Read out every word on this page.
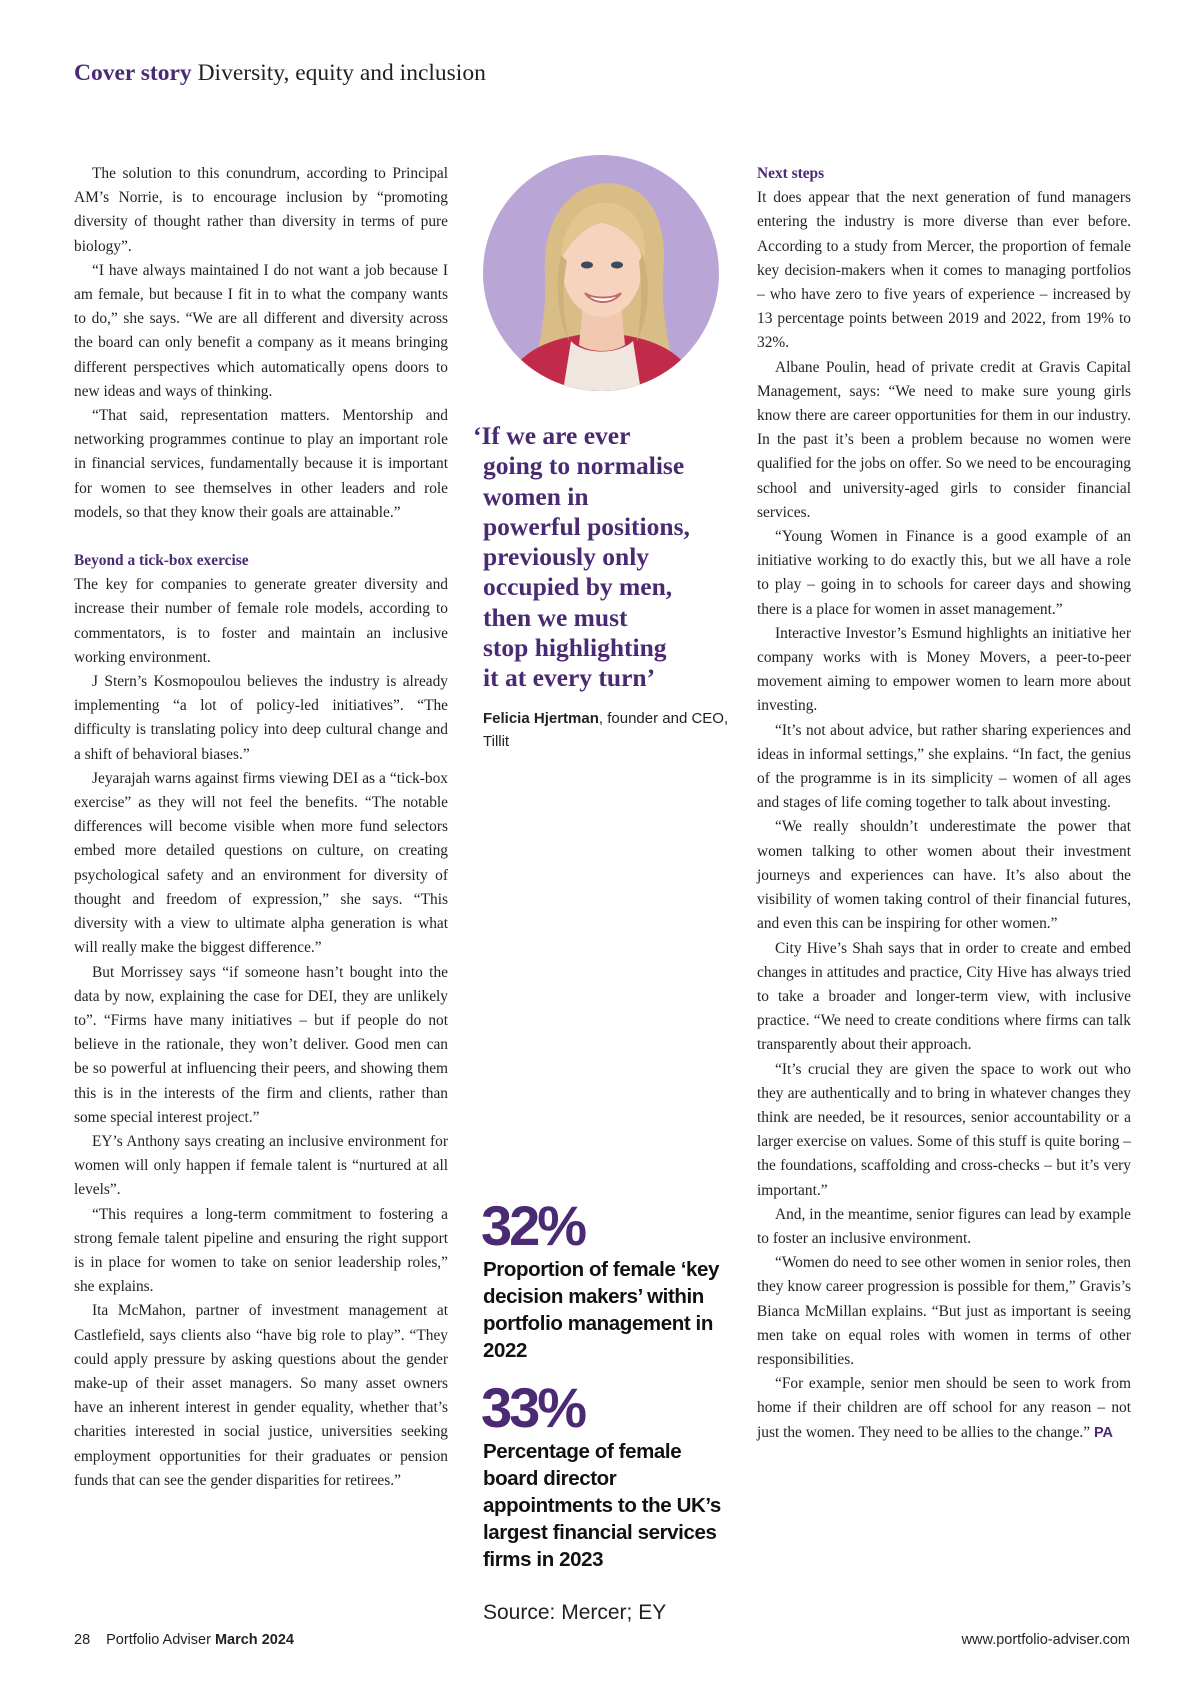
Cover story Diversity, equity and inclusion

The solution to this conundrum, according to Principal AM’s Norrie, is to encourage inclusion by “promoting diversity of thought rather than diversity in terms of pure biology”.

“I have always maintained I do not want a job because I am female, but because I fit in to what the company wants to do,” she says. “We are all different and diversity across the board can only benefit a company as it means bringing different perspectives which automatically opens doors to new ideas and ways of thinking.

“That said, representation matters. Mentorship and networking programmes continue to play an important role in financial services, fundamentally because it is important for women to see themselves in other leaders and role models, so that they know their goals are attainable.”

Beyond a tick-box exercise

The key for companies to generate greater diversity and increase their number of female role models, according to commentators, is to foster and maintain an inclusive working environment.

J Stern’s Kosmopoulou believes the industry is already implementing “a lot of policy-led initiatives”. “The difficulty is translating policy into deep cultural change and a shift of behavioral biases.”

Jeyarajah warns against firms viewing DEI as a “tick-box exercise” as they will not feel the benefits. “The notable differences will become visible when more fund selectors embed more detailed questions on culture, on creating psychological safety and an environment for diversity of thought and freedom of expression,” she says. “This diversity with a view to ultimate alpha generation is what will really make the biggest difference.”

But Morrissey says “if someone hasn’t bought into the data by now, explaining the case for DEI, they are unlikely to”. “Firms have many initiatives – but if people do not believe in the rationale, they won’t deliver. Good men can be so powerful at influencing their peers, and showing them this is in the interests of the firm and clients, rather than some special interest project.”

EY’s Anthony says creating an inclusive environment for women will only happen if female talent is “nurtured at all levels”.

“This requires a long-term commitment to fostering a strong female talent pipeline and ensuring the right support is in place for women to take on senior leadership roles,” she explains.

Ita McMahon, partner of investment management at Castlefield, says clients also “have big role to play”. “They could apply pressure by asking questions about the gender make-up of their asset managers. So many asset owners have an inherent interest in gender equality, whether that’s charities interested in social justice, universities seeking employment opportunities for their graduates or pension funds that can see the gender disparities for retirees.”

‘If we are ever
going to normalise
women in
powerful positions,
previously only
occupied by men,
then we must
stop highlighting
it at every turn’
Felicia Hjertman, founder and CEO, Tillit
32%
Proportion of female ‘key decision makers’ within portfolio management in 2022
33%
Percentage of female board director appointments to the UK’s largest financial services firms in 2023
Source: Mercer; EY
Next steps

It does appear that the next generation of fund managers entering the industry is more diverse than ever before. According to a study from Mercer, the proportion of female key decision-makers when it comes to managing portfolios – who have zero to five years of experience – increased by 13 percentage points between 2019 and 2022, from 19% to 32%.

Albane Poulin, head of private credit at Gravis Capital Management, says: “We need to make sure young girls know there are career opportunities for them in our industry. In the past it’s been a problem because no women were qualified for the jobs on offer. So we need to be encouraging school and university-aged girls to consider financial services.

“Young Women in Finance is a good example of an initiative working to do exactly this, but we all have a role to play – going in to schools for career days and showing there is a place for women in asset management.”

Interactive Investor’s Esmund highlights an initiative her company works with is Money Movers, a peer-to-peer movement aiming to empower women to learn more about investing.

“It’s not about advice, but rather sharing experiences and ideas in informal settings,” she explains. “In fact, the genius of the programme is in its simplicity – women of all ages and stages of life coming together to talk about investing.

“We really shouldn’t underestimate the power that women talking to other women about their investment journeys and experiences can have. It’s also about the visibility of women taking control of their financial futures, and even this can be inspiring for other women.”

City Hive’s Shah says that in order to create and embed changes in attitudes and practice, City Hive has always tried to take a broader and longer-term view, with inclusive practice. “We need to create conditions where firms can talk transparently about their approach.

“It’s crucial they are given the space to work out who they are authentically and to bring in whatever changes they think are needed, be it resources, senior accountability or a larger exercise on values. Some of this stuff is quite boring – the foundations, scaffolding and cross-checks – but it’s very important.”

And, in the meantime, senior figures can lead by example to foster an inclusive environment.

“Women do need to see other women in senior roles, then they know career progression is possible for them,” Gravis’s Bianca McMillan explains. “But just as important is seeing men take on equal roles with women in terms of other responsibilities.

“For example, senior men should be seen to work from home if their children are off school for any reason – not just the women. They need to be allies to the change.” PA

28 Portfolio Adviser March 2024	www.portfolio-adviser.com
